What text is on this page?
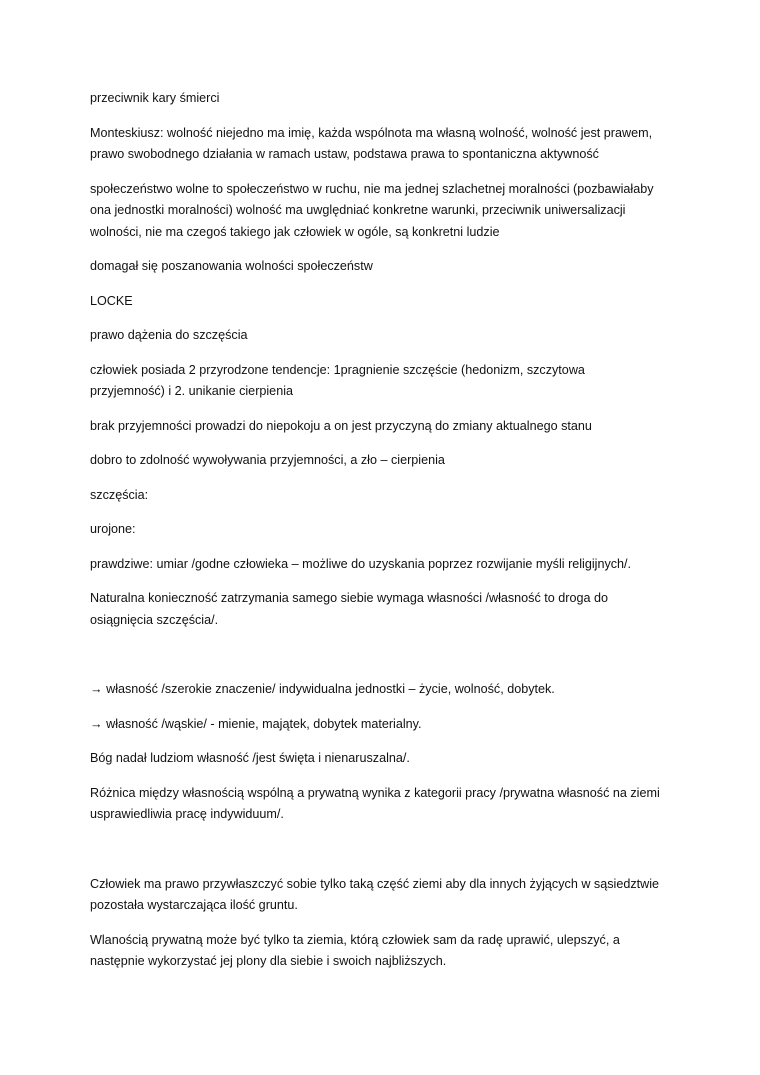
przeciwnik kary śmierci

Monteskiusz: wolność niejedno ma imię, każda wspólnota ma własną wolność, wolność jest prawem,
prawo swobodnego działania w ramach ustaw, podstawa prawa to spontaniczna aktywność

społeczeństwo wolne to społeczeństwo w ruchu, nie ma jednej szlachetnej moralności (pozbawiałaby
ona jednostki moralności) wolność ma uwględniać konkretne warunki, przeciwnik uniwersalizacji
wolności, nie ma czegoś takiego jak człowiek w ogóle, są konkretni ludzie

domagał się poszanowania wolności społeczeństw

LOCKE

prawo dążenia do szczęścia

człowiek posiada 2 przyrodzone tendencje: 1pragnienie szczęście (hedonizm, szczytowa
przyjemność) i 2. unikanie cierpienia

brak przyjemności prowadzi do niepokoju a on jest przyczyną do zmiany aktualnego stanu

dobro to zdolność wywoływania przyjemności, a zło – cierpienia

szczęścia:

urojone:

prawdziwe: umiar /godne człowieka – możliwe do uzyskania poprzez rozwijanie myśli religijnych/.

Naturalna konieczność zatrzymania samego siebie wymaga własności /własność to droga do
osiągnięcia szczęścia/.

→ własność /szerokie znaczenie/ indywidualna jednostki – życie, wolność, dobytek.

→ własność /wąskie/ - mienie, majątek, dobytek materialny.

Bóg nadał ludziom własność /jest święta i nienaruszalna/.

Różnica między własnością wspólną a prywatną wynika z kategorii pracy /prywatna własność na ziemi
usprawiedliwia pracę indywiduum/.

Człowiek ma prawo przywłaszczyć sobie tylko taką część ziemi aby dla innych żyjących w sąsiedztwie
pozostała wystarczająca ilość gruntu.

Wlanością prywatną może być tylko ta ziemia, którą człowiek sam da radę uprawić, ulepszyć, a
następnie wykorzystać jej plony dla siebie i swoich najbliższych.
